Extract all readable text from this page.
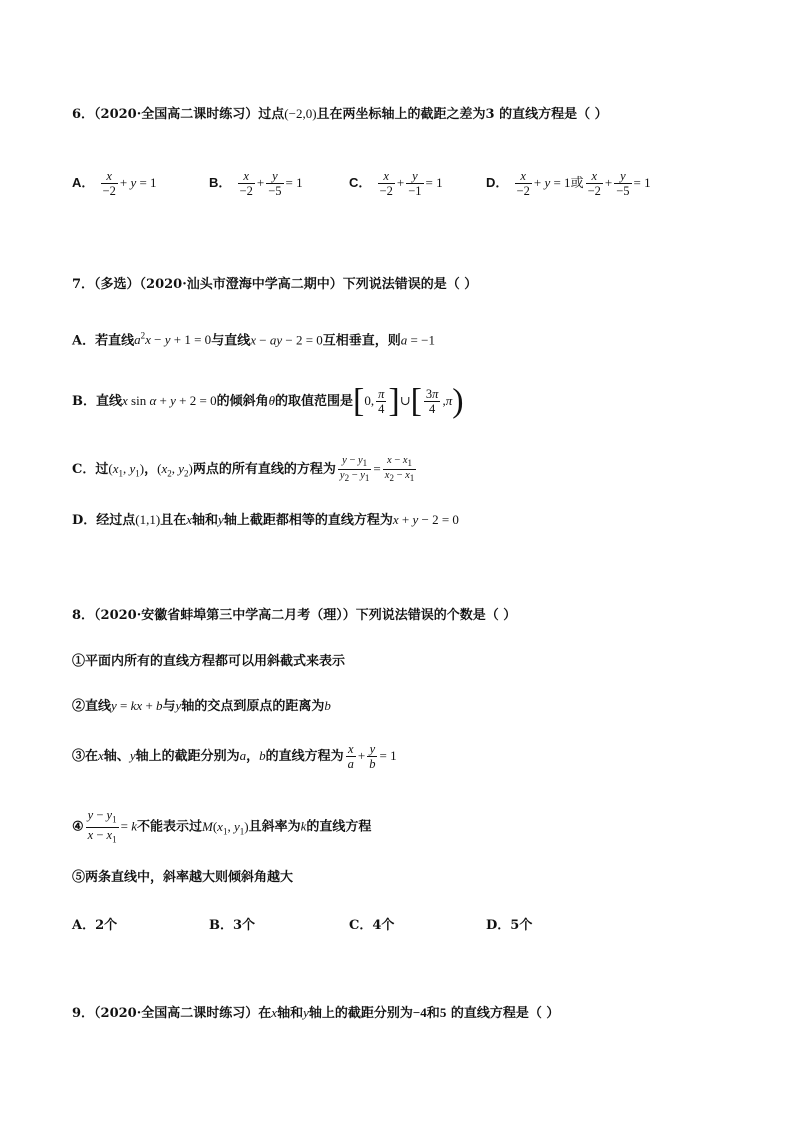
6．（2020·全国高二课时练习）过点(−2,0)且在两坐标轴上的截距之差为3 的直线方程是（ ）
A． $\frac{x}{-2} + y = 1$	B． $\frac{x}{-2} + \frac{y}{-5} = 1$	C． $\frac{x}{-2} + \frac{y}{-1} = 1$	D． $\frac{x}{-2} + y = 1$或 $\frac{x}{-2} + \frac{y}{-5} = 1$
7．（多选）（2020·汕头市澄海中学高二期中）下列说法错误的是（ ）
A．若直线$a^2x - y + 1 = 0$与直线x − ay − 2 = 0互相垂直，则a = −1
B．直线x sin α + y + 2 = 0的倾斜角θ的取值范围是[0, $\frac{\pi}{4}$ ]∪[ $\frac{3\pi}{4} ,\pi$)
C．过($x_1$, $y_1$)，($x_2$, $y_2$)两点的所有直线的方程为 $\frac{y - y_1}{y_2 - y_1} = \frac{x - x_1}{x_2 - x_1}$
D．经过点(1,1)且在x轴和y轴上截距都相等的直线方程为x + y − 2 = 0
8．（2020·安徽省蚌埠第三中学高二月考（理））下列说法错误的个数是（ ）
①平面内所有的直线方程都可以用斜截式来表示
②直线y = kx + b与y轴的交点到原点的距离为b
③在x轴、y轴上的截距分别为a，b的直线方程为 $\frac{x}{a} + \frac{y}{b} = 1$
④ $\frac{y - y_1}{x - x_1} = k$不能表示过$M(x_1$, $y_1$)且斜率为k的直线方程
⑤两条直线中，斜率越大则倾斜角越大
A．2个	B．3个	C．4个	D．5个
9．（2020·全国高二课时练习）在x轴和y轴上的截距分别为−4和5 的直线方程是（ ）
